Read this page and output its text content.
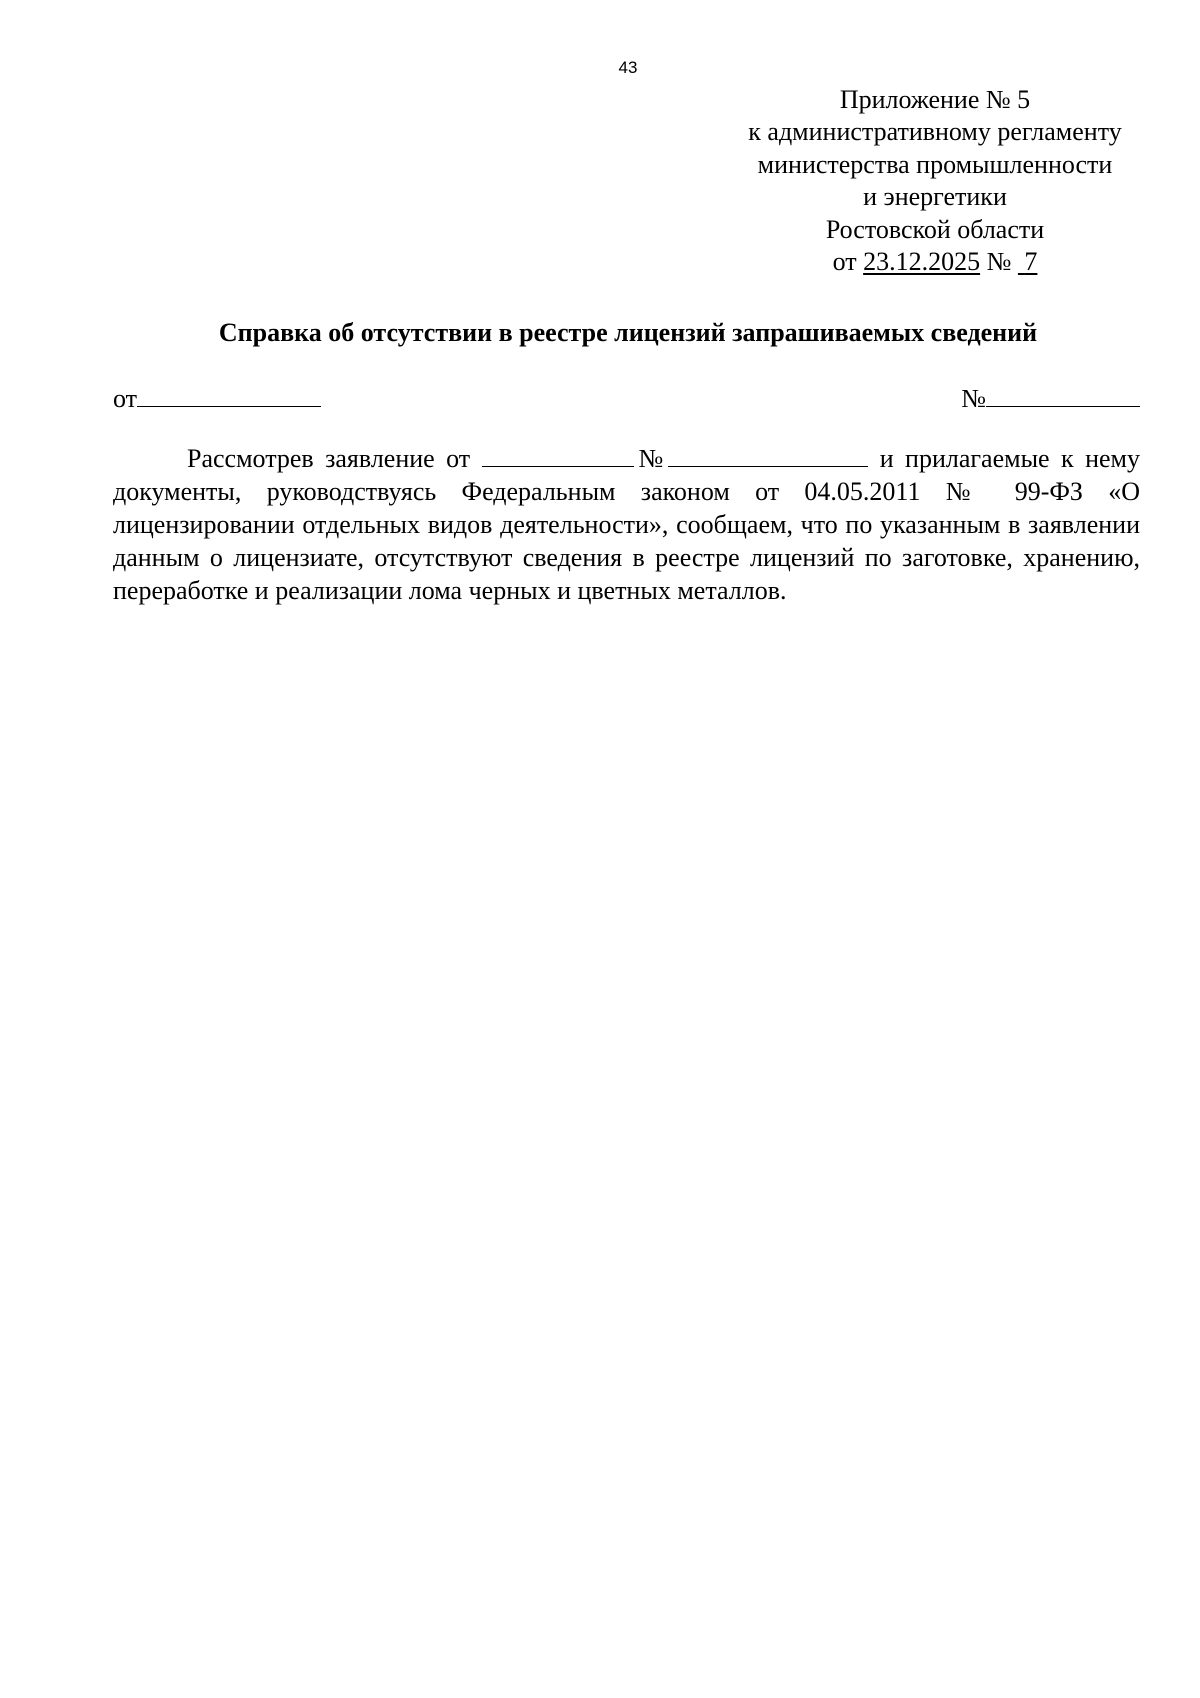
43
Приложение № 5
к административному регламенту
министерства промышленности
и энергетики
Ростовской области
от 23.12.2025 № 7
Справка об отсутствии в реестре лицензий запрашиваемых сведений
от	№

Рассмотрев заявление от	№	и прилагаемые к нему документы, руководствуясь Федеральным законом от 04.05.2011 № 99-ФЗ «О лицензировании отдельных видов деятельности», сообщаем, что по указанным в заявлении данным о лицензиате, отсутствуют сведения в реестре лицензий по заготовке, хранению, переработке и реализации лома черных и цветных металлов.
